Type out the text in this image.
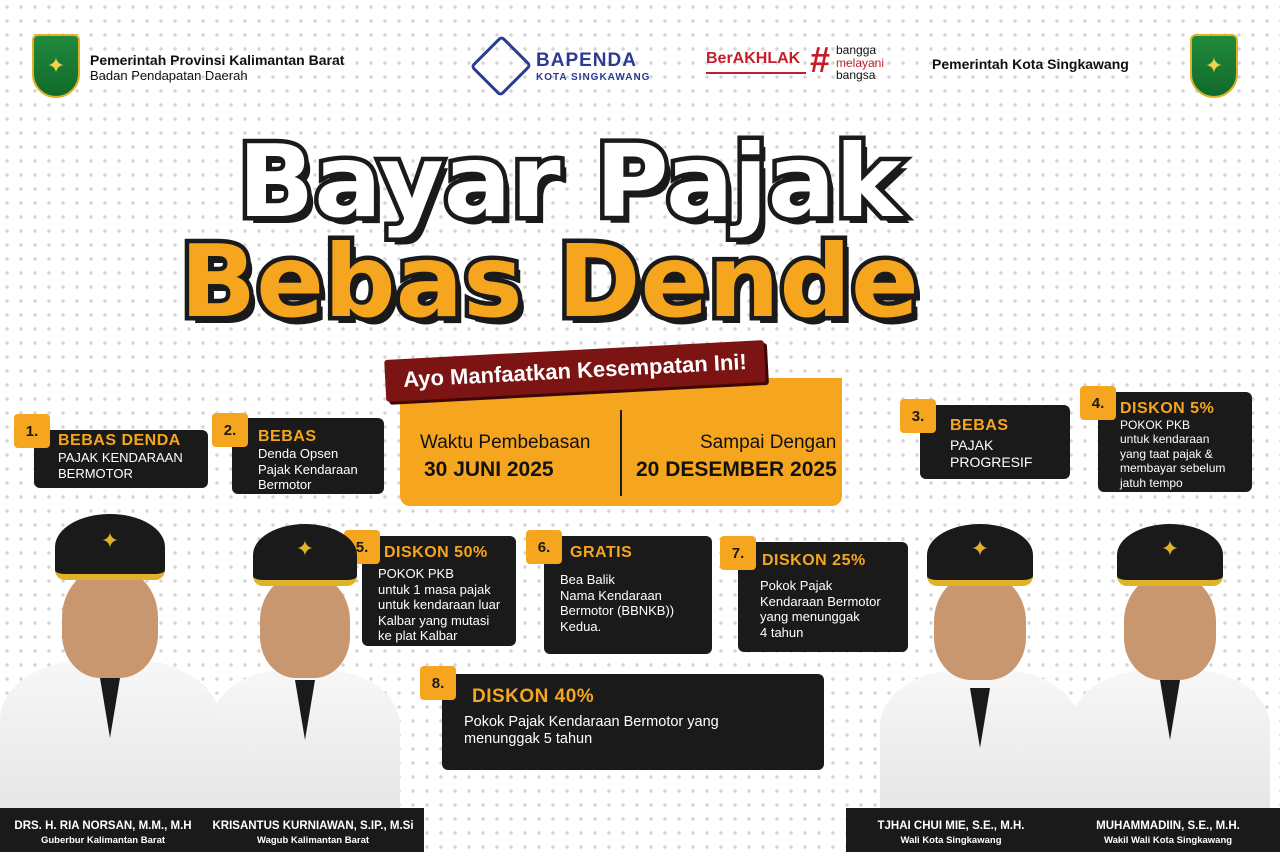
✦	Pemerintah Provinsi Kalimantan Barat
Badan Pendapatan Daerah
BAPENDA
KOTA SINGKAWANG
BerAKHLAK # bangga
melayani
bangsa
Pemerintah Kota Singkawang	✦
Bayar Pajak
Bebas Dende
Waktu Pembebasan
30 JUNI 2025
Sampai Dengan
20 DESEMBER 2025
Ayo Manfaatkan Kesempatan Ini!
BEBAS DENDA
PAJAK KENDARAAN
BERMOTOR
1.	BEBAS
Denda Opsen
Pajak Kendaraan
Bermotor
2.	BEBAS
PAJAK
PROGRESIF
3.	DISKON 5%
POKOK PKB
untuk kendaraan
yang taat pajak &
membayar sebelum
jatuh tempo
4.
DISKON 50%
POKOK PKB
untuk 1 masa pajak
untuk kendaraan luar
Kalbar yang mutasi
ke plat Kalbar
5.	GRATIS
Bea Balik
Nama Kendaraan
Bermotor (BBNKB))
Kedua.
6.
DISKON 25%
Pokok Pajak
Kendaraan Bermotor
yang menunggak
4 tahun
7.
DISKON 40%
Pokok Pajak Kendaraan Bermotor yang
menunggak 5 tahun
8.
✦	✦
DRS. H. RIA NORSAN, M.M., M.H
Guberbur Kalimantan Barat
KRISANTUS KURNIAWAN, S.IP., M.Si
Wagub Kalimantan Barat
✦	✦
TJHAI CHUI MIE, S.E., M.H.
Wali Kota Singkawang
MUHAMMADIIN, S.E., M.H.
Wakil Wali Kota Singkawang
